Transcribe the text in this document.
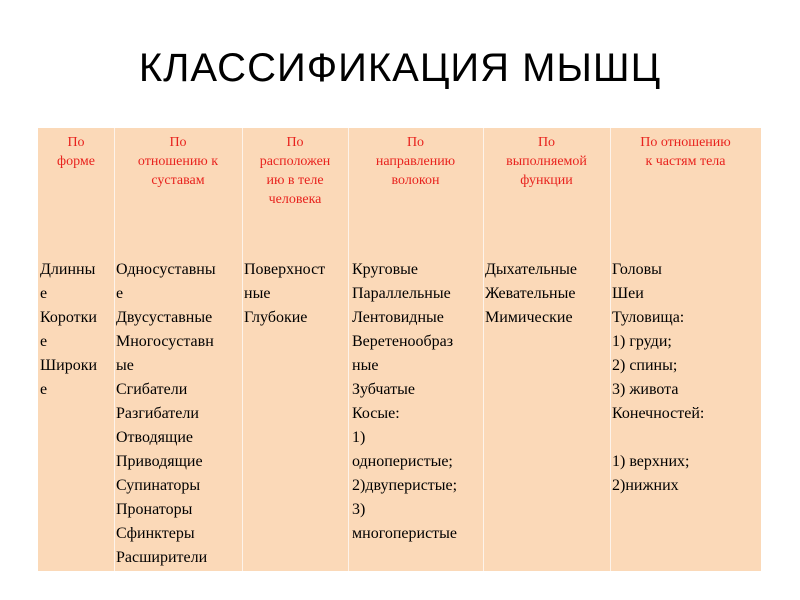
КЛАССИФИКАЦИЯ МЫШЦ
По
форме
По
отношению к
суставам
По
расположен
ию в теле
человека
По
направлению
волокон
По
выполняемой
функции
По отношению
к частям тела
Длинны
е
Коротки
е
Широки
е
Односуставны
е
Двусуставные
Многосуставн
ые
Сгибатели
Разгибатели
Отводящие
Приводящие
Супинаторы
Пронаторы
Сфинктеры
Расширители
Поверхност
ные
Глубокие
Круговые
Параллельные
Лентовидные
Веретенообраз
ные
Зубчатые
Косые:
1)
одноперистые;
2)двуперистые;
3)
многоперистые
Дыхательные
Жевательные
Мимические
Головы
Шеи
Туловища:
1) груди;
2) спины;
3) живота
Конечностей:
1) верхних;
2)нижних
